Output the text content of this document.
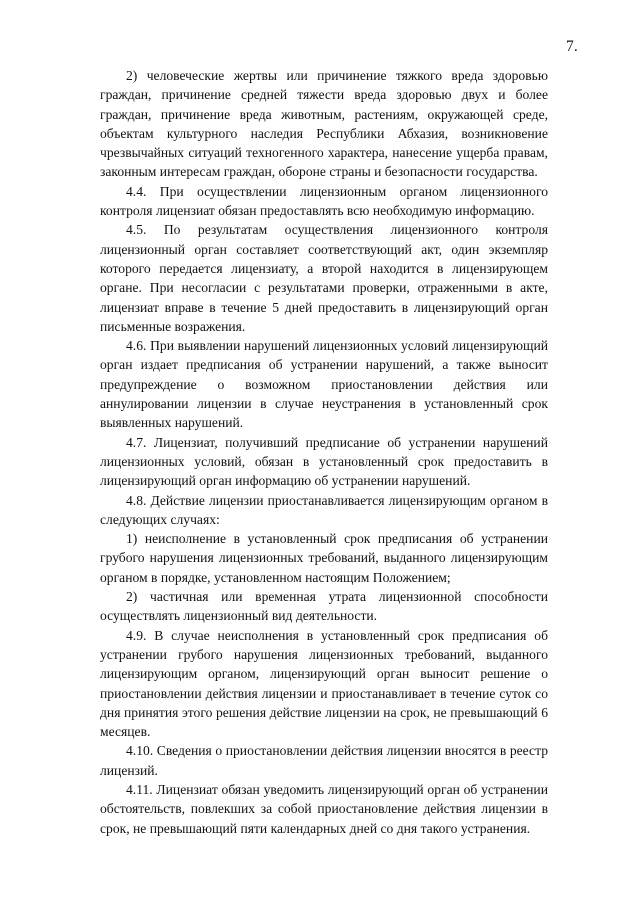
7.

2) человеческие жертвы или причинение тяжкого вреда здоровью граждан, причинение средней тяжести вреда здоровью двух и более граждан, причинение вреда животным, растениям, окружающей среде, объектам культурного наследия Республики Абхазия, возникновение чрезвычайных ситуаций техногенного характера, нанесение ущерба правам, законным интересам граждан, обороне страны и безопасности государства.

4.4. При осуществлении лицензионным органом лицензионного контроля лицензиат обязан предоставлять всю необходимую информацию.

4.5. По результатам осуществления лицензионного контроля лицензионный орган составляет соответствующий акт, один экземпляр которого передается лицензиату, а второй находится в лицензирующем органе. При несогласии с результатами проверки, отраженными в акте, лицензиат вправе в течение 5 дней предоставить в лицензирующий орган письменные возражения.

4.6. При выявлении нарушений лицензионных условий лицензирующий орган издает предписания об устранении нарушений, а также выносит предупреждение о возможном приостановлении действия или аннулировании лицензии в случае неустранения в установленный срок выявленных нарушений.

4.7. Лицензиат, получивший предписание об устранении нарушений лицензионных условий, обязан в установленный срок предоставить в лицензирующий орган информацию об устранении нарушений.

4.8. Действие лицензии приостанавливается лицензирующим органом в следующих случаях:

1) неисполнение в установленный срок предписания об устранении грубого нарушения лицензионных требований, выданного лицензирующим органом в порядке, установленном настоящим Положением;

2) частичная или временная утрата лицензионной способности осуществлять лицензионный вид деятельности.

4.9. В случае неисполнения в установленный срок предписания об устранении грубого нарушения лицензионных требований, выданного лицензирующим органом, лицензирующий орган выносит решение о приостановлении действия лицензии и приостанавливает в течение суток со дня принятия этого решения действие лицензии на срок, не превышающий 6 месяцев.

4.10. Сведения о приостановлении действия лицензии вносятся в реестр лицензий.

4.11. Лицензиат обязан уведомить лицензирующий орган об устранении обстоятельств, повлекших за собой приостановление действия лицензии в срок, не превышающий пяти календарных дней со дня такого устранения.
